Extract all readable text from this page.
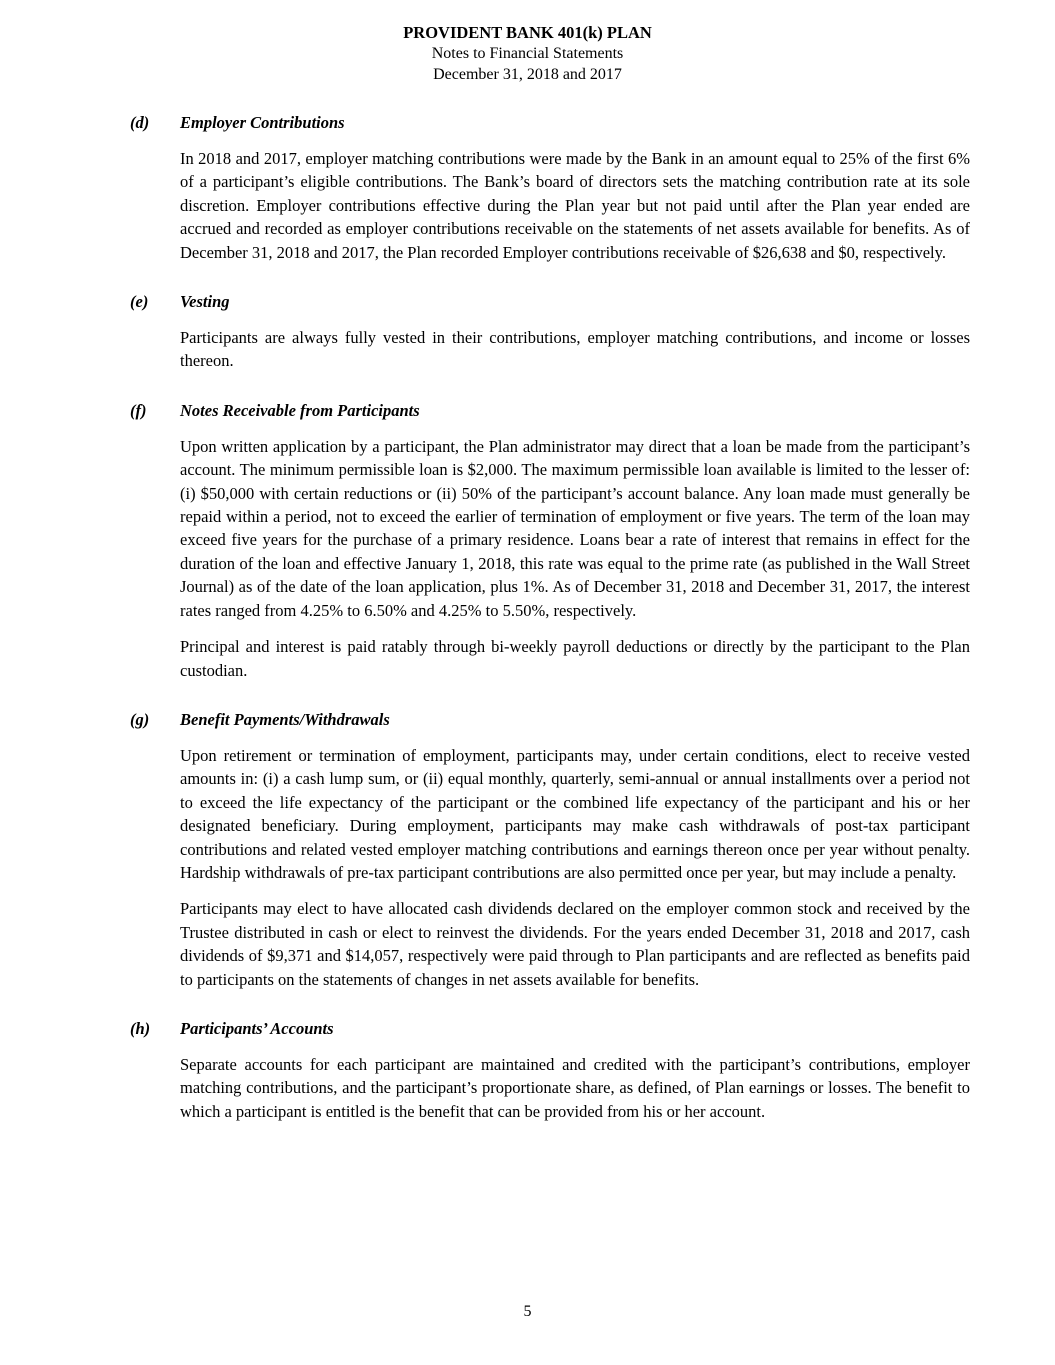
PROVIDENT BANK 401(k) PLAN
Notes to Financial Statements
December 31, 2018 and 2017
(d) Employer Contributions

In 2018 and 2017, employer matching contributions were made by the Bank in an amount equal to 25% of the first 6% of a participant’s eligible contributions. The Bank’s board of directors sets the matching contribution rate at its sole discretion. Employer contributions effective during the Plan year but not paid until after the Plan year ended are accrued and recorded as employer contributions receivable on the statements of net assets available for benefits. As of December 31, 2018 and 2017, the Plan recorded Employer contributions receivable of $26,638 and $0, respectively.

(e) Vesting

Participants are always fully vested in their contributions, employer matching contributions, and income or losses thereon.

(f) Notes Receivable from Participants

Upon written application by a participant, the Plan administrator may direct that a loan be made from the participant’s account. The minimum permissible loan is $2,000. The maximum permissible loan available is limited to the lesser of: (i) $50,000 with certain reductions or (ii) 50% of the participant’s account balance. Any loan made must generally be repaid within a period, not to exceed the earlier of termination of employment or five years. The term of the loan may exceed five years for the purchase of a primary residence. Loans bear a rate of interest that remains in effect for the duration of the loan and effective January 1, 2018, this rate was equal to the prime rate (as published in the Wall Street Journal) as of the date of the loan application, plus 1%. As of December 31, 2018 and December 31, 2017, the interest rates ranged from 4.25% to 6.50% and 4.25% to 5.50%, respectively.

Principal and interest is paid ratably through bi-weekly payroll deductions or directly by the participant to the Plan custodian.

(g) Benefit Payments/Withdrawals

Upon retirement or termination of employment, participants may, under certain conditions, elect to receive vested amounts in: (i) a cash lump sum, or (ii) equal monthly, quarterly, semi-annual or annual installments over a period not to exceed the life expectancy of the participant or the combined life expectancy of the participant and his or her designated beneficiary. During employment, participants may make cash withdrawals of post-tax participant contributions and related vested employer matching contributions and earnings thereon once per year without penalty. Hardship withdrawals of pre-tax participant contributions are also permitted once per year, but may include a penalty.

Participants may elect to have allocated cash dividends declared on the employer common stock and received by the Trustee distributed in cash or elect to reinvest the dividends. For the years ended December 31, 2018 and 2017, cash dividends of $9,371 and $14,057, respectively were paid through to Plan participants and are reflected as benefits paid to participants on the statements of changes in net assets available for benefits.

(h) Participants’ Accounts

Separate accounts for each participant are maintained and credited with the participant’s contributions, employer matching contributions, and the participant’s proportionate share, as defined, of Plan earnings or losses. The benefit to which a participant is entitled is the benefit that can be provided from his or her account.

5
